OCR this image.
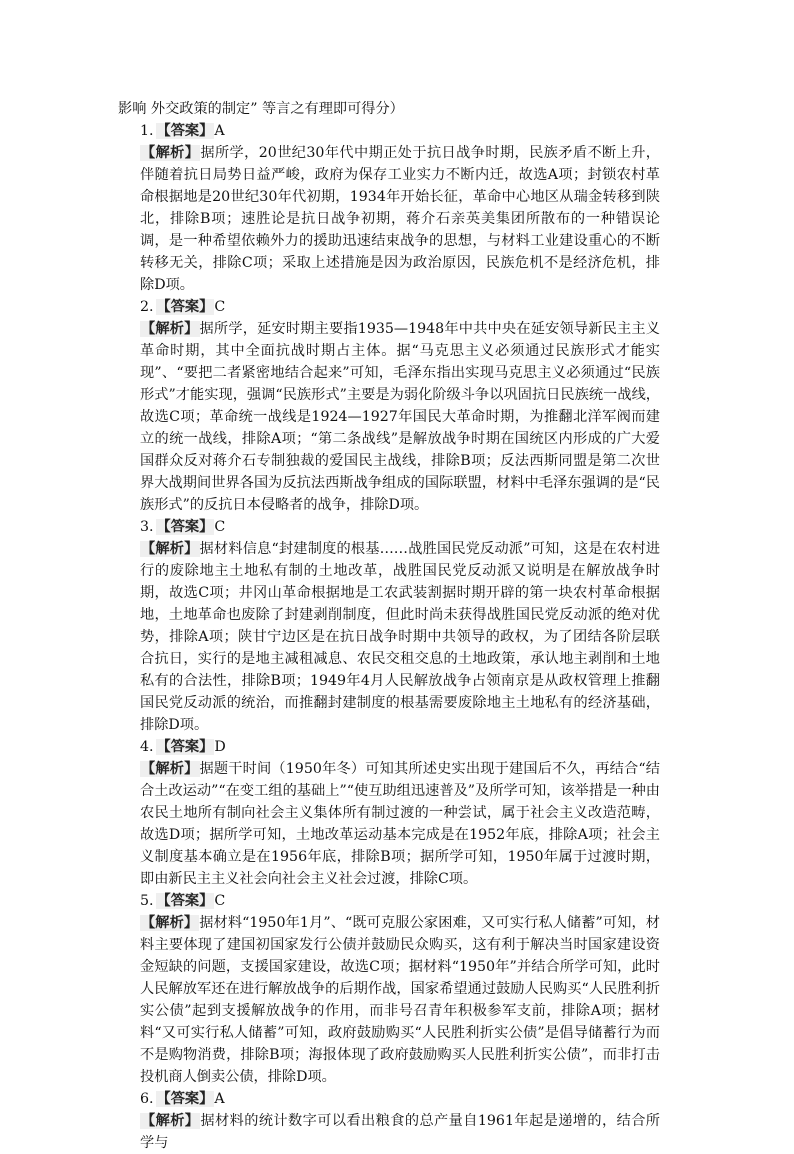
影响 外交政策的制定” 等言之有理即可得分）
1. 【答案】A
【解析】据所学，20世纪30年代中期正处于抗日战争时期，民族矛盾不断上升，伴随着抗日局势日益严峻，政府为保存工业实力不断内迁，故选A项；封锁农村革命根据地是20世纪30年代初期，1934年开始长征，革命中心地区从瑞金转移到陕北，排除B项；速胜论是抗日战争初期，蒋介石亲英美集团所散布的一种错误论调，是一种希望依赖外力的援助迅速结束战争的思想，与材料工业建设重心的不断转移无关，排除C项；采取上述措施是因为政治原因，民族危机不是经济危机，排除D项。
2. 【答案】C
【解析】据所学，延安时期主要指1935—1948年中共中央在延安领导新民主主义革命时期，其中全面抗战时期占主体。据“马克思主义必须通过民族形式才能实现”、“要把二者紧密地结合起来”可知，毛泽东指出实现马克思主义必须通过“民族形式”才能实现，强调“民族形式”主要是为弱化阶级斗争以巩固抗日民族统一战线，故选C项；革命统一战线是1924—1927年国民大革命时期，为推翻北洋军阀而建立的统一战线，排除A项；“第二条战线”是解放战争时期在国统区内形成的广大爱国群众反对蒋介石专制独裁的爱国民主战线，排除B项；反法西斯同盟是第二次世界大战期间世界各国为反抗法西斯战争组成的国际联盟，材料中毛泽东强调的是“民族形式”的反抗日本侵略者的战争，排除D项。
3. 【答案】C
【解析】据材料信息“封建制度的根基……战胜国民党反动派”可知，这是在农村进行的废除地主土地私有制的土地改革，战胜国民党反动派又说明是在解放战争时期，故选C项；井冈山革命根据地是工农武装割据时期开辟的第一块农村革命根据地，土地革命也废除了封建剥削制度，但此时尚未获得战胜国民党反动派的绝对优势，排除A项；陕甘宁边区是在抗日战争时期中共领导的政权，为了团结各阶层联合抗日，实行的是地主减租减息、农民交租交息的土地政策，承认地主剥削和土地私有的合法性，排除B项；1949年4月人民解放战争占领南京是从政权管理上推翻国民党反动派的统治，而推翻封建制度的根基需要废除地主土地私有的经济基础，排除D项。
4. 【答案】D
【解析】据题干时间（1950年冬）可知其所述史实出现于建国后不久，再结合“结合土改运动”“在变工组的基础上”“使互助组迅速普及”及所学可知，该举措是一种由农民土地所有制向社会主义集体所有制过渡的一种尝试，属于社会主义改造范畴，故选D项；据所学可知，土地改革运动基本完成是在1952年底，排除A项；社会主义制度基本确立是在1956年底，排除B项；据所学可知，1950年属于过渡时期，即由新民主主义社会向社会主义社会过渡，排除C项。
5. 【答案】C
【解析】据材料“1950年1月”、“既可克服公家困难，又可实行私人储蓄”可知，材料主要体现了建国初国家发行公债并鼓励民众购买，这有利于解决当时国家建设资金短缺的问题，支援国家建设，故选C项；据材料“1950年”并结合所学可知，此时人民解放军还在进行解放战争的后期作战，国家希望通过鼓励人民购买“人民胜利折实公债”起到支援解放战争的作用，而非号召青年积极参军支前，排除A项；据材料“又可实行私人储蓄”可知，政府鼓励购买“人民胜利折实公债”是倡导储蓄行为而不是购物消费，排除B项；海报体现了政府鼓励购买人民胜利折实公债”，而非打击投机商人倒卖公债，排除D项。
6. 【答案】A
【解析】据材料的统计数字可以看出粮食的总产量自1961年起是递增的，结合所学与
